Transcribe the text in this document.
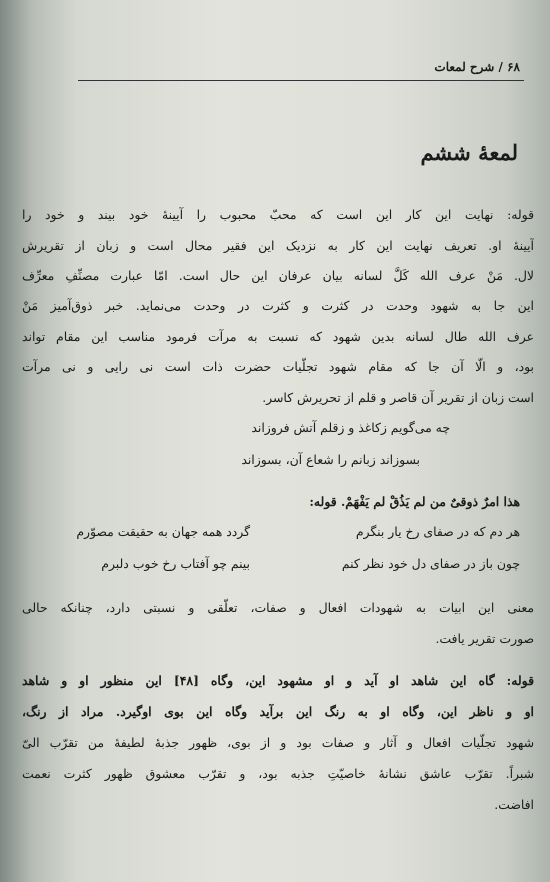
۶۸ / شرح لمعات
لمعهٔ ششم
قوله: نهایت این کار این است که محبّ محبوب را آیینهٔ خود بیند و خود را
آیینهٔ او. تعریف نهایت این کار به نزدیک این فقیر محال است و زبان از تقریرش
لال. مَنْ عرف الله کَلَّ لسانه بیان عرفان این حال است. امّا عبارت مصنِّفِ معرِّف
این جا به شهود وحدت در کثرت و کثرت در وحدت می‌نماید. خبر ذوق‌آمیز مَنْ
عرف الله طال لسانه بدین شهود که نسبت به مرآت فرمود مناسب این مقام تواند
بود، و الّا آن جا که مقام شهود تجلّیات حضرت ذات است نی رایی و نی مرآت
است زبان از تقریر آن قاصر و قلم از تحریرش کاسر.
چه می‌گویم زکاغذ و زقلم آتش فروزاند
بسوزاند زبانم را شعاع آن، بسوزاند
هذا امرٌ ذوقیٌ من لم یَذُقْ لم یَفْهَمْ. قوله:
هر دم که در صفای رخ یار بنگرم
گردد همه جهان به حقیقت مصوّرم
چون باز در صفای دل خود نظر کنم
بینم چو آفتاب رخ خوب دلبرم
معنی این ابیات به شهودات افعال و صفات، تعلّقی و نسبتی دارد، چنانکه حالی
صورت تقریر یافت.
قوله: گاه این شاهد او آید و او مشهود این، وگاه [۴۸] این منظور او و شاهد
او و ناظر این، وگاه او به رنگ این برآید وگاه این بوی اوگیرد. مراد از رنگ،
شهود تجلّیات افعال و آثار و صفات بود و از بوی، ظهور جذبهٔ لطیفهٔ من تقرّب الیّ
شبراً. تقرّب عاشق نشانهٔ خاصیّتِ جذبه بود، و تقرّب معشوق ظهور کثرت نعمت
افاضت.
